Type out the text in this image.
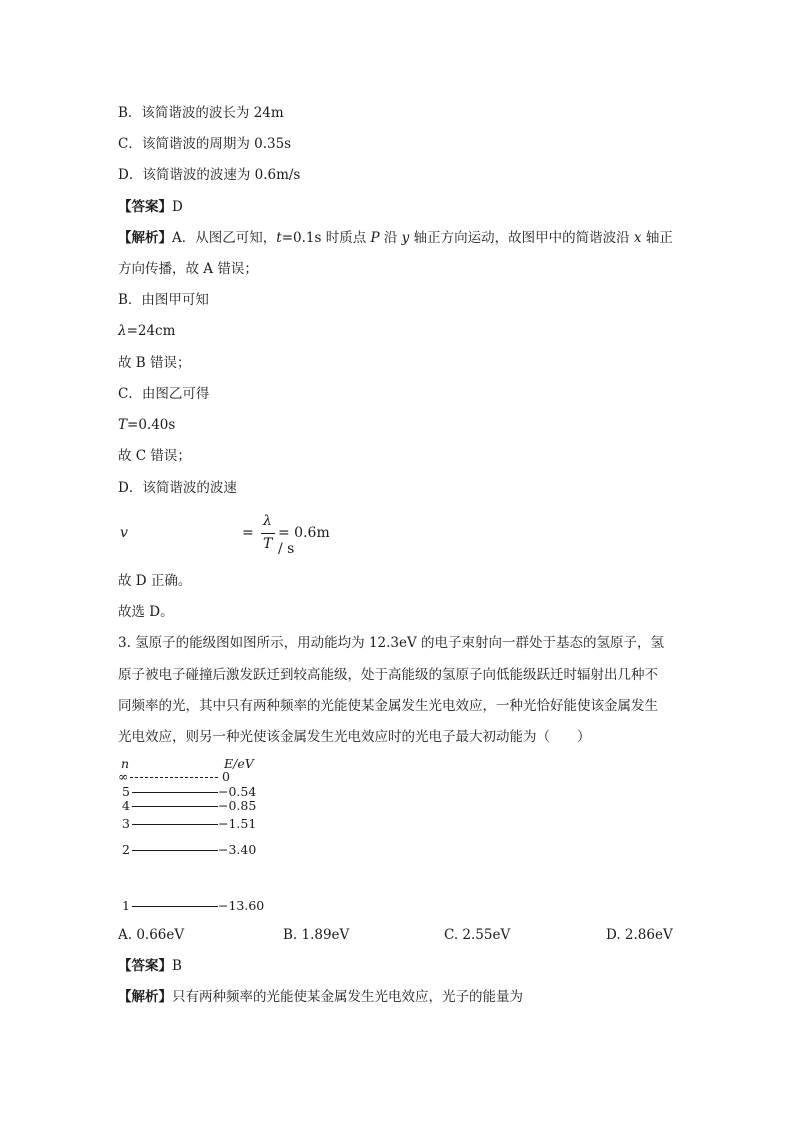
B．该简谐波的波长为 24m
C．该简谐波的周期为 0.35s
D．该简谐波的波速为 0.6m/s
【答案】D
【解析】A．从图乙可知，t=0.1s 时质点 P 沿 y 轴正方向运动，故图甲中的简谐波沿 x 轴正
方向传播，故 A 错误；
B．由图甲可知
λ=24cm
故 B 错误；
C．由图乙可得
T=0.40s
故 C 错误；
D．该简谐波的波速
v	=
λ
T
= 0.6m / s
故 D 正确。
故选 D。
3. 氢原子的能级图如图所示，用动能均为 12.3eV 的电子束射向一群处于基态的氢原子，氢
原子被电子碰撞后激发跃迁到较高能级，处于高能级的氢原子向低能级跃迁时辐射出几种不
同频率的光，其中只有两种频率的光能使某金属发生光电效应，一种光恰好能使该金属发生
光电效应，则另一种光使该金属发生光电效应时的光电子最大初动能为（　　）
n	E/eV
∞	0
5	−0.54
4	−0.85
3	−1.51
2	−3.40
1	−13.60
A. 0.66eV	B. 1.89eV	C. 2.55eV	D. 2.86eV
【答案】B
【解析】只有两种频率的光能使某金属发生光电效应，光子的能量为
